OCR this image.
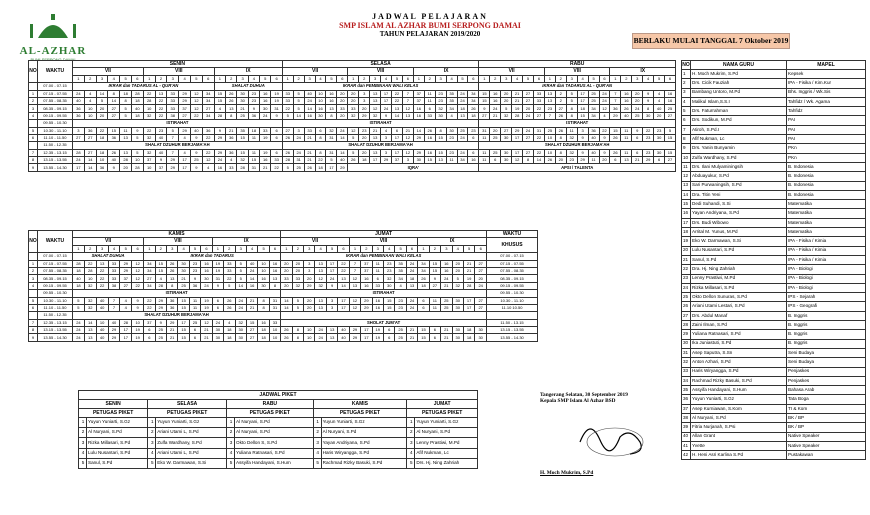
AL-AZHAR
BUMI SERPONG DAMAI
JADWAL PELAJARAN
SMP ISLAM AL AZHAR BUMI SERPONG DAMAI
TAHUN PELAJARAN 2019/2020
BERLAKU MULAI TANGGAL 7 Oktober 2019
NO	WAKTU	SENIN																		SELASA																		RABU																	
		VII						VIII						IX						VII						VIII						IX						VII						VIII						IX					
		1	2	3	4	5	6	1	2	3	4	5	6	1	2	3	4	5	6	1	2	3	4	5	6	1	2	3	4	5	6	1	2	3	4	5	6	1	2	3	4	5	6	1	2	3	4	5	6	1	2	3	4	5	6
	07.00 - 07.15	IKRAR dan TADARUS AL - QUR'AN												SHALAT DUHUA						IKRAR dan PEMBINAAN WALI KELAS																		IKRAR dan TADARUS AL - QUR'AN																	
1	07.15 - 07.55	24	4	14	8	18	28	22	13	33	29	12	34	15	26	30	23	16	19	33	5	40	10	16	20	20	3	13	17	22	7	37	11	23	35	24	34	15	16	20	21	27	33	13	2	5	17	25	24	7	16	20	9	4	16
2	07.55 - 08.35	40	4	5	14	8	18	28	22	33	29	12	34	15	26	30	23	16	19	33	5	24	10	16	20	20	3	13	17	22	7	37	11	23	35	24	34	15	16	20	21	27	33	13	2	5	17	25	24	7	16	20	9	4	16
3	08.35 - 09.15	36	10	20	27	5	40	10	22	33	37	12	27	4	13	21	9	30	31	22	5	14	16	13	33	33	20	12	24	13	12	16	6	32	34	18	26	9	24	5	19	20	22	23	27	8	18	34	12	36	26	24	8	40	25
4	09.15 - 09.55	36	10	20	27	5	18	32	22	38	27	22	34	28	8	25	36	24	9	5	14	16	30	8	20	32	29	32	9	14	13	16	33	30	4	13	18	27	21	32	28	24	27	7	26	8	15	34	4	29	40	25	30	20	27
	09.55 - 10.30	ISTIRAHAT																		ISTIRAHAT																		ISTIRAHAT																	
5	10.30 - 11.10	3	36	22	15	11	9	22	23	5	29	40	36	9	21	35	18	33	6	27	3	33	6	32	24	12	23	21	4	6	21	14	26	8	30	25	23	31	20	27	29	24	31	25	26	11	3	36	22	15	11	9	22	23	5
6	11.10 - 11.50	27	27	18	36	13	5	32	40	7	4	9	22	29	36	15	11	19	6	26	24	21	8	31	14	5	20	13	3	17	12	29	16	15	23	24	6	11	25	30	17	27	22	10	8	32	9	40	9	26	11	6	23	30	15
	11.50 - 12.35	SHALAT DZUHUR BERJAMA'AH																		SHALAT DZUHUR BERJAMA'AH																		SHALAT DZUHUR BERJAMA'AH																	
7	12.35 - 13.15	28	27	18	26	13	5	32	40	7	4	9	22	29	36	15	11	19	6	26	24	21	8	31	14	5	20	13	3	17	12	29	16	15	23	24	6	11	25	30	17	27	22	10	8	32	9	40	9	26	11	6	23	30	15
8	13.15 - 13.55	24	14	10	40	28	10	37	9	29	17	25	12	24	4	32	15	16	33	28	31	21	22	5	40	26	18	17	29	37	3	30	15	13	11	34	16	11	6	30	12	8	14	26	20	23	29	11	20	6	13	21	29	6	27
9	13.55 - 14.30	17	14	36	9	20	28	10	37	29	17	9	4	16	33	28	31	21	22	5	25	26	18	17	29	IQRA'												APSI / TALENTA																	
NO	WAKTU	KAMIS																		JUMAT																		WAKTU
		VII						VIII						IX						VII						VIII						IX						KHUSUS
		1	2	3	4	5	6	1	2	3	4	5	6	1	2	3	4	5	6	1	2	3	4	5	6	1	2	3	4	5	6	1	2	3	4	5	6	
	07.00 - 07.15	SHALAT DUHUA						IKRAR dan TADARUS												IKRAR dan PEMBINAAN WALI KELAS																		07.00 - 07.15
1	07.15 - 07.55	28	22	13	33	29	12	34	15	26	30	23	16	19	33	5	40	10	16	20	20	3	13	17	22	7	37	11	23	35	24	34	15	16	20	21	27	07.15 - 07.55
2	07.55 - 08.35	18	28	22	33	29	12	34	15	26	30	23	16	19	33	5	24	10	16	20	20	3	13	17	22	7	37	11	23	35	24	34	15	16	20	21	27	07.55 - 08.35
3	08.35 - 09.15	40	10	22	33	37	12	27	4	13	21	9	30	31	22	5	14	16	13	33	33	20	12	24	13	12	16	6	32	34	18	26	9	24	5	19	20	08.35 - 09.15
4	09.15 - 09.55	18	32	22	38	27	22	34	28	8	25	36	24	9	5	14	16	30	8	20	32	29	32	9	14	13	16	33	30	4	13	18	27	21	32	28	24	09.15 - 09.55
	09.55 - 10.30	ISTIRAHAT																		ISTIRAHAT																		09.55 - 10.30
5	10.30 - 11.10	5	32	40	7	4	9	22	29	36	15	11	19	6	26	24	21	8	31	14	5	20	13	3	17	12	29	16	15	23	24	6	11	25	30	17	27	10.30 - 11.10
6	11.10 - 11.50	5	32	40	7	4	9	22	29	36	15	11	19	6	26	24	21	8	31	14	5	20	13	3	17	12	29	16	15	23	24	6	11	25	30	17	27	11.10 10.50
	11.50 - 12.35	SHALAT DZUHUR BERJAMA'AH																																				
7	12.35 - 13.15	24	14	10	40	28	10	37	9	29	17	25	12	24	4	32	15	16	33	SHOLAT JUM'AT																		11.50 - 13.15
8	13.15 - 13.55	24	13	40	29	17	19	6	25	21	15	6	21	30	18	30	27	18	10	26	8	10	24	13	40	29	17	19	6	25	21	15	6	21	30	18	30	13.15 - 13.55
9	13.55 - 14.30	24	13	40	29	17	19	6	25	21	15	6	21	30	18	30	27	18	10	26	8	10	24	13	40	29	17	19	6	25	21	15	6	21	30	18	30	13.55 - 14.30
NO	NAMA GURU	MAPEL
1	H. Moch Mukrim, S.Pd	Kepsek
2	Drs. Cicik Fauziah	IPA - Fisika / Kim.Kur
3	Bambang Untoro, M.Pd	Bhs. Inggris / Wk.Sis
4	Malikul Islam,S.S.I	Tahfidz / Wk. Agama
5	Drs. Faturrahman	Tahfidz
6	Drs. Sodikun, M.Pd	PAI
7	Atiroh, S.Pd.I	PAI
8	Afif Nukman, Lc	PAI
9	Drs. Yanin Bunyamin	PKn
10	Zulfa Wardhany, S.Pd	PKn
11	Drs. Ilani Mulyaminingsih	B. Indonesia
12	Abduayukur, S.Pd	B. Indonesia
13	Sari Purwaningsih, S.Pd	B. Indonesia
14	Dra. Titin Yeni	B. Indonesia
15	Dedi Suhandi, S.Si	Matematika
16	Yayan Andriyana, S.Pd	Matematika
17	Drs. Budi Wibowo	Matematika
18	Arrital M. Yunus, M.Pd	Matematika
19	Eko W. Darmawan, S.Si	IPA - Fisika / Kimia
20	Lulu Nusantari, S.Pd	IPA - Fisika / Kimia
21	Sanul, S.Pd	IPA - Fisika / Kimia
22	Dra. Hj. Ning Zahriah	IPA - Biologi
23	Lenny Prastiwi, M.Pd	IPA - Biologi
24	Rizka Millasari, S.Pd	IPA - Biologi
25	Okto Dellon Sunuras, S.Pd	IPS - Sejarah
26	Ariani Utami Lestari, S.Pd	IPS - Geografi
27	Drs. Abdul Manaf	B. Inggris
28	Zaini Ilman, S.Pd	B. Inggris
29	Yuliana Ratnasari, S.Pd	B. Inggris
30	Ika Juniastuti, S.Pd	B. Inggris
31	Asep Saputra, S.Sn	Seni Budaya
32	Anton Azhari, S.Pd	Seni Budaya
33	Haris Wiryangga, S.Pd	Penjaskes
34	Rachmad Rizky Basuki, S.Pd	Penjaskes
35	Assyifa Handayani, S.Hum	Bahasa Arab
36	Yuyun Yuniarti, S.Gz	Tata Boga
37	Asep Kurniawan, S.Kom	TI & Kom
38	Al Nuryani, S.Pd	BK / BP
39	Fitria Nurjanah, S.Psi	BK / BP
40	Allan Grant	Native Speaker
41	Yvette	Native Speaker
42	H. Heni Asri Karlina S.Pd	Pustakawan
JADWAL PIKET									
SENIN		SELASA		RABU		KAMIS		JUMAT	
PETUGAS PIKET		PETUGAS PIKET		PETUGAS PIKET		PETUGAS PIKET		PETUGAS PIKET	
1	Yuyun Yuniarti, S.Gz	1	Yuyun Yuniarti, S.Gz	1	Al Nuryani, S.Pd	1	Yuyun Yuniarti, S.Gz	1	Yuyun Yuniarti, S.Gz
2	Al Nuryani, S.Pd	2	Ariani Utami L, S.Pd	2	Al Nuryani, S.Pd	2	Al Nuryani, S.Pd	2	Al Nuryani, S.Pd
3	Rizka Millasari, S.Pd	3	Zulfa Wardhany, S.Pd	3	Okto Dellon S, S.Pd	3	Yayan Andriyana, S.Pd	3	Lenny Prastiwi, M.Pd
4	Lulu Nusantari, S.Pd	4	Ariani Utami L, S.Pd	4	Yuliana Ratnasari, S.Pd	4	Haris Wiryangga, S.Pd	4	Afif Nukman, Lc
5	Sanul, S.Pd	5	Eko W. Darmawan, S.Si	5	Assyifa Handayani, S.Hum	5	Rachmad Rizky Basuki, S.Pd	5	Drs. Hj. Ning Zahriah
Tangerang Selatan, 30 September 2019
Kepala SMP Islam Al Azhar BSD
H. Moch Mukrim, S.Pd
